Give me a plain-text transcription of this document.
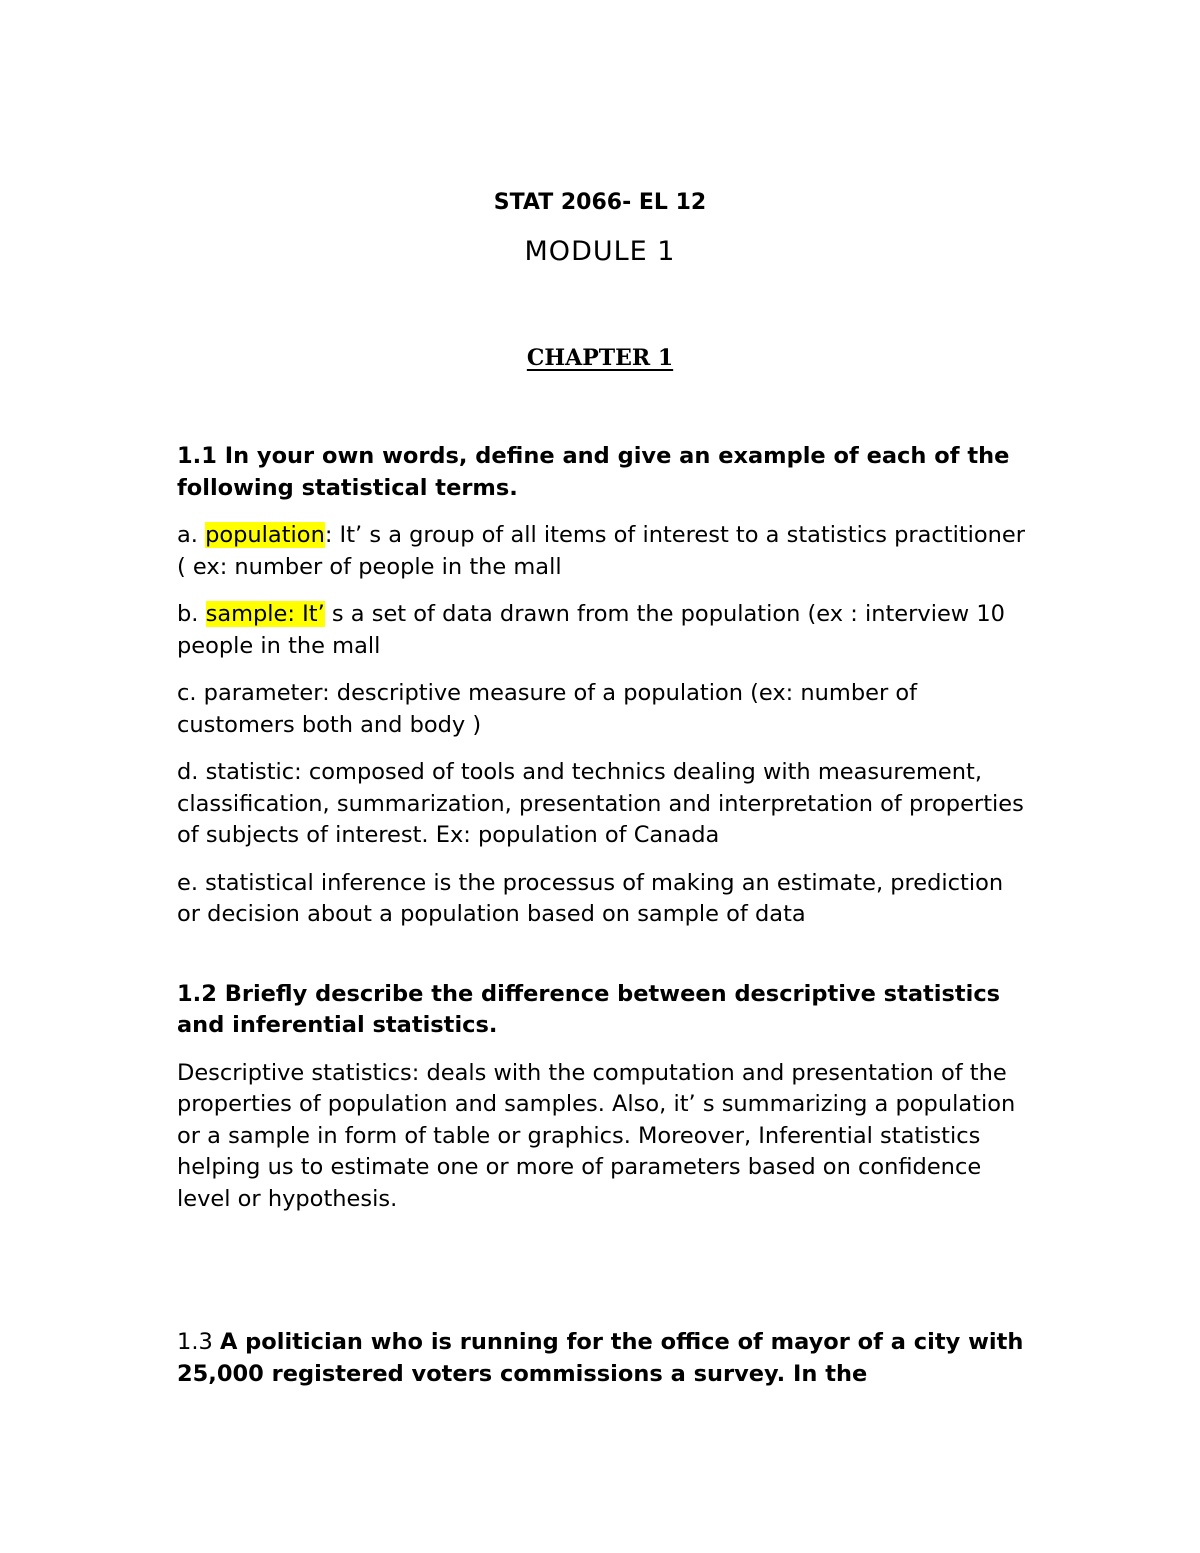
STAT 2066- EL 12
MODULE 1
CHAPTER 1

1.1 In your own words, define and give an example of each of the following statistical terms.

a. population: It’ s a group of all items of interest to a statistics practitioner ( ex: number of people in the mall

b. sample: It’ s a set of data drawn from the population (ex : interview 10 people in the mall

c. parameter: descriptive measure of a population (ex: number of customers both and body )

d. statistic: composed of tools and technics dealing with measurement, classification, summarization, presentation and interpretation of properties of subjects of interest. Ex: population of Canada

e. statistical inference is the processus of making an estimate, prediction or decision about a population based on sample of data

1.2 Briefly describe the difference between descriptive statistics and inferential statistics.

Descriptive statistics: deals with the computation and presentation of the properties of population and samples. Also, it’ s summarizing a population or a sample in form of table or graphics. Moreover, Inferential statistics helping us to estimate one or more of parameters based on confidence level or hypothesis.

1.3 A politician who is running for the office of mayor of a city with 25,000 registered voters commissions a survey. In the
